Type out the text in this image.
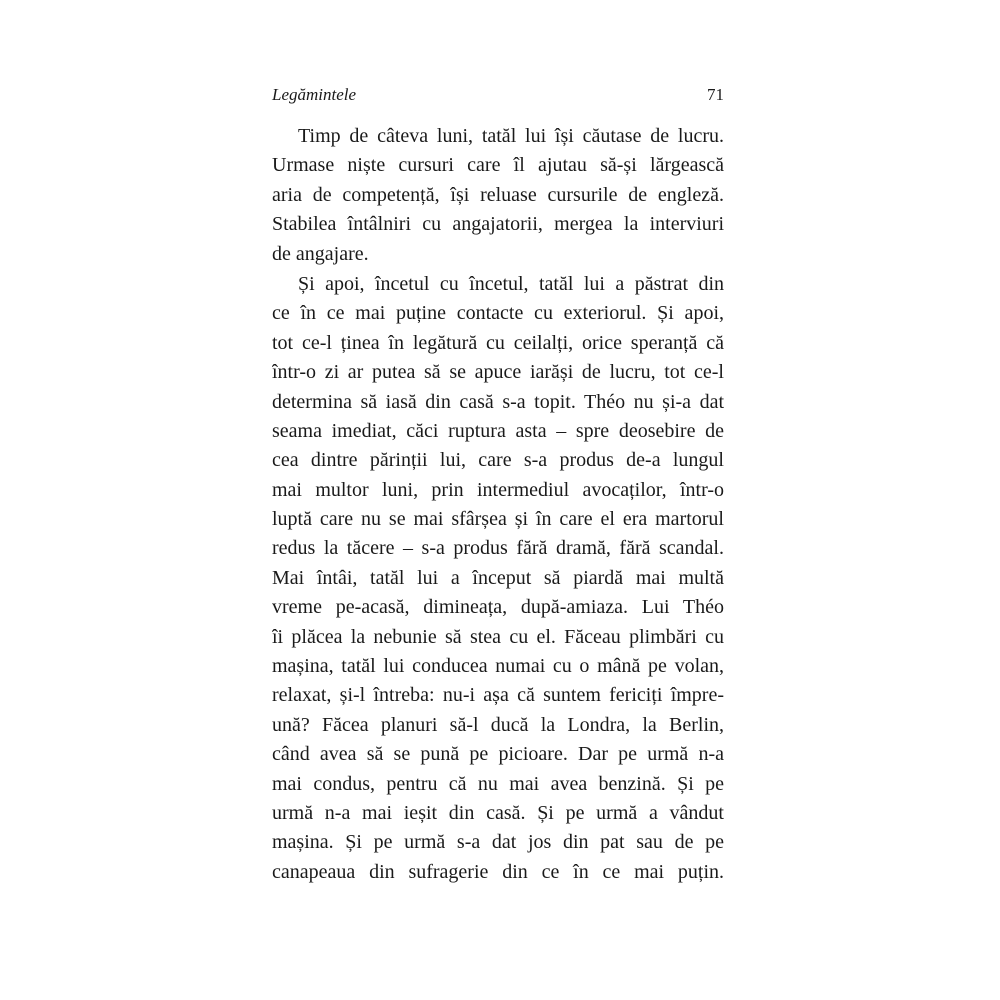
Legămintele	71
Timp de câteva luni, tatăl lui își căutase de lucru.
Urmase niște cursuri care îl ajutau să-și lărgească
aria de competență, își reluase cursurile de engleză.
Stabilea întâlniri cu angajatorii, mergea la interviuri
de angajare.
Și apoi, încetul cu încetul, tatăl lui a păstrat din
ce în ce mai puține contacte cu exteriorul. Și apoi,
tot ce-l ținea în legătură cu ceilalți, orice speranță că
într-o zi ar putea să se apuce iarăși de lucru, tot ce-l
determina să iasă din casă s-a topit. Théo nu și-a dat
seama imediat, căci ruptura asta – spre deosebire de
cea dintre părinții lui, care s-a produs de-a lungul
mai multor luni, prin intermediul avocaților, într-o
luptă care nu se mai sfârșea și în care el era martorul
redus la tăcere – s-a produs fără dramă, fără scandal.
Mai întâi, tatăl lui a început să piardă mai multă
vreme pe-acasă, dimineața, după-amiaza. Lui Théo
îi plăcea la nebunie să stea cu el. Făceau plimbări cu
mașina, tatăl lui conducea numai cu o mână pe volan,
relaxat, și-l întreba: nu-i așa că suntem fericiți împre-
ună? Făcea planuri să-l ducă la Londra, la Berlin,
când avea să se pună pe picioare. Dar pe urmă n-a
mai condus, pentru că nu mai avea benzină. Și pe
urmă n-a mai ieșit din casă. Și pe urmă a vândut
mașina. Și pe urmă s-a dat jos din pat sau de pe
canapeaua din sufragerie din ce în ce mai puțin.
